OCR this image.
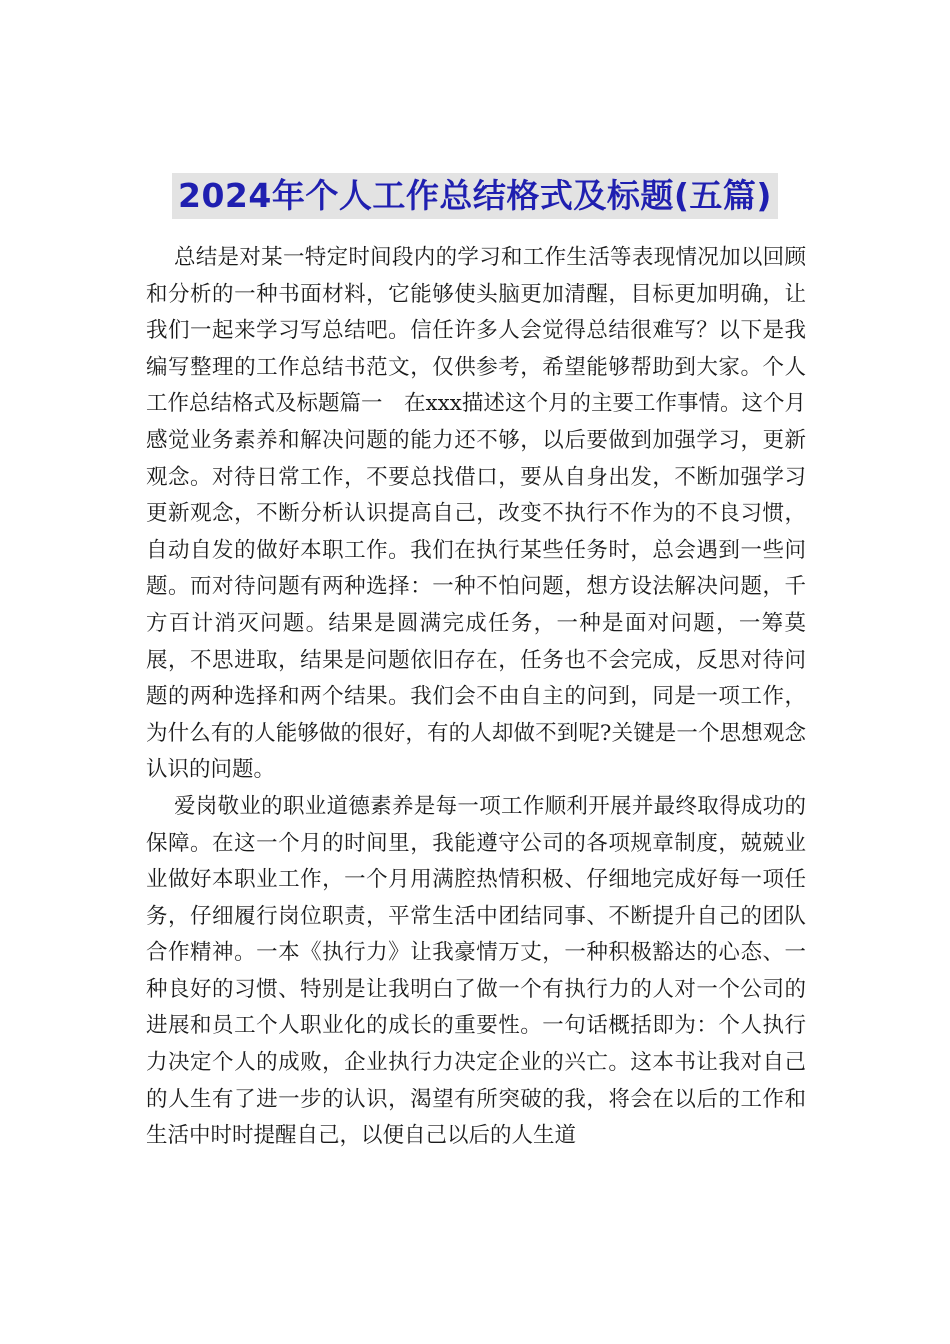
2024年个人工作总结格式及标题(五篇)

总结是对某一特定时间段内的学习和工作生活等表现情况加以回顾和分析的一种书面材料，它能够使头脑更加清醒，目标更加明确，让我们一起来学习写总结吧。信任许多人会觉得总结很难写？以下是我编写整理的工作总结书范文，仅供参考，希望能够帮助到大家。个人工作总结格式及标题篇一　在xxx描述这个月的主要工作事情。这个月感觉业务素养和解决问题的能力还不够，以后要做到加强学习，更新观念。对待日常工作，不要总找借口，要从自身出发，不断加强学习更新观念，不断分析认识提高自己，改变不执行不作为的不良习惯，自动自发的做好本职工作。我们在执行某些任务时，总会遇到一些问题。而对待问题有两种选择：一种不怕问题，想方设法解决问题，千方百计消灭问题。结果是圆满完成任务，一种是面对问题，一筹莫展，不思进取，结果是问题依旧存在，任务也不会完成，反思对待问题的两种选择和两个结果。我们会不由自主的问到，同是一项工作，为什么有的人能够做的很好，有的人却做不到呢?关键是一个思想观念认识的问题。

爱岗敬业的职业道德素养是每一项工作顺利开展并最终取得成功的保障。在这一个月的时间里，我能遵守公司的各项规章制度，兢兢业业做好本职业工作，一个月用满腔热情积极、仔细地完成好每一项任务，仔细履行岗位职责，平常生活中团结同事、不断提升自己的团队合作精神。一本《执行力》让我豪情万丈，一种积极豁达的心态、一种良好的习惯、特别是让我明白了做一个有执行力的人对一个公司的进展和员工个人职业化的成长的重要性。一句话概括即为：个人执行力决定个人的成败，企业执行力决定企业的兴亡。这本书让我对自己的人生有了进一步的认识，渴望有所突破的我，将会在以后的工作和生活中时时提醒自己，以便自己以后的人生道
